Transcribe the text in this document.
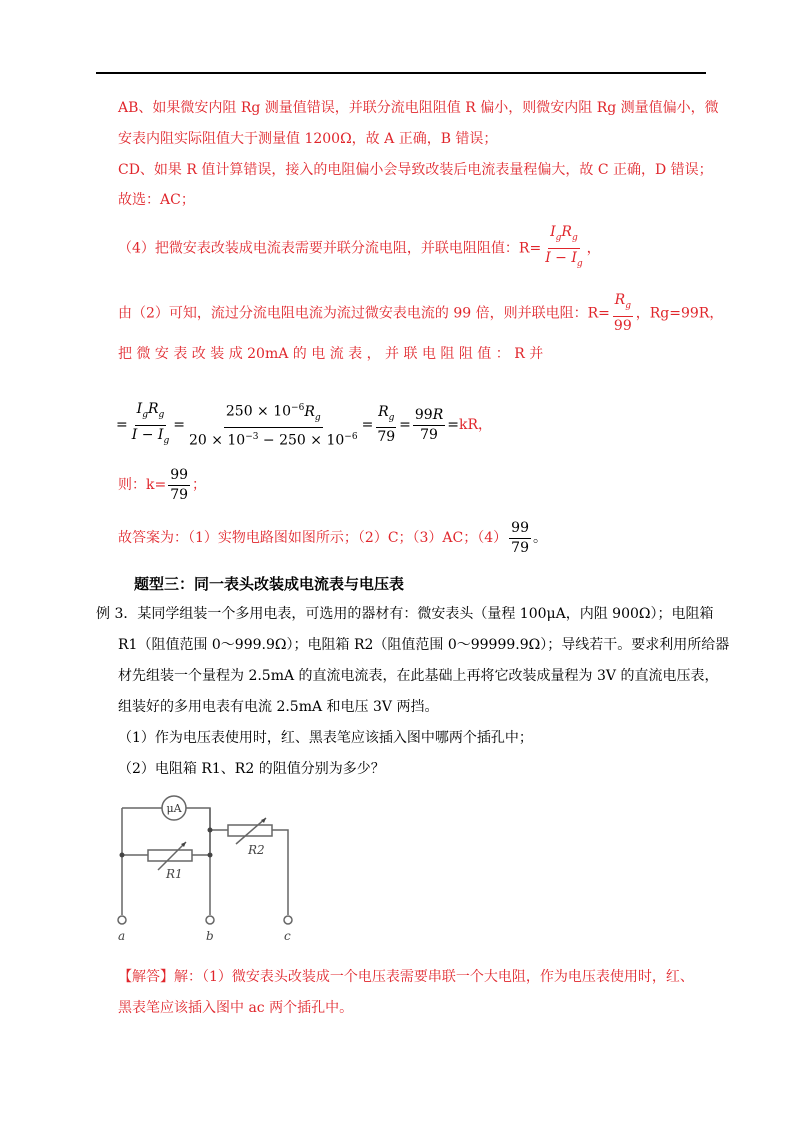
AB、如果微安内阻 Rg 测量值错误，并联分流电阻阻值 R 偏小，则微安内阻 Rg 测量值偏小，微
安表内阻实际阻值大于测量值 1200Ω，故 A 正确，B 错误；
CD、如果 R 值计算错误，接入的电阻偏小会导致改装后电流表量程偏大，故 C 正确，D 错误；
故选：AC；
（4）把微安表改装成电流表需要并联分流电阻，并联电阻阻值：$R= \frac{I_gR_g}{I - I_g}$ ，
由（2）可知，流过分流电阻电流为流过微安表电流的 99 倍，则并联电阻：$R= \frac{R_g}{99}$ ，Rg=99R，
把 微 安 表 改 装 成 20mA 的 电 流 表 ， 并 联 电 阻 阻 值 ： R 并
= $\frac{I_gR_g}{I - I_g} = \frac{250 \times 10^{-6}R_g}{20 \times 10^{-3} - 250 \times 10^{-6}} = \frac{R_g}{79} = \frac{99R}{79} =kR$，
则：$k= \frac{99}{79}$ ；
故答案为：（1）实物电路图如图所示；（2）C；（3）AC；$(4) \frac{99}{79}$ 。
题型三：同一表头改装成电流表与电压表
例 3．某同学组装一个多用电表，可选用的器材有：微安表头（量程 100μA，内阻 900Ω）；电阻箱
R1（阻值范围 0～999.9Ω）；电阻箱 R2（阻值范围 0～99999.9Ω）；导线若干。要求利用所给器
材先组装一个量程为 2.5mA 的直流电流表，在此基础上再将它改装成量程为 3V 的直流电压表，
组装好的多用电表有电流 2.5mA 和电压 3V 两挡。
（1）作为电压表使用时，红、黑表笔应该插入图中哪两个插孔中；
（2）电阻箱 R1、R2 的阻值分别为多少？
μA
R1
R2
a	b	c
【解答】解：（1）微安表头改装成一个电压表需要串联一个大电阻，作为电压表使用时，红、
黑表笔应该插入图中 ac 两个插孔中。
